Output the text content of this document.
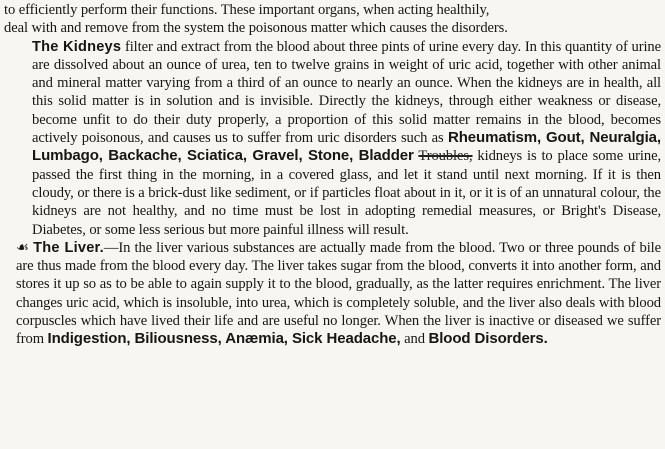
to efficiently perform their functions. These important organs, when acting healthily,
deal with and remove from the system the poisonous matter which causes the disorders.

The Kidneys filter and extract from the blood about three pints of urine every day. In this quantity of urine are dissolved about an ounce of urea, ten to twelve grains in weight of uric acid, together with other animal and mineral matter varying from a third of an ounce to nearly an ounce. When the kidneys are in health, all this solid matter is in solution and is invisible. Directly the kidneys, through either weakness or disease, become unfit to do their duty properly, a proportion of this solid matter remains in the blood, becomes actively poisonous, and causes us to suffer from uric disorders such as Rheumatism, Gout, Neuralgia, Lumbago, Backache, Sciatica, Gravel, Stone, Bladder Troubles, kidneys is to place some urine, passed the first thing in the morning, in a covered glass, and let it stand until next morning. If it is then cloudy, or there is a brick-dust like sediment, or if particles float about in it, or it is of an unnatural colour, the kidneys are not healthy, and no time must be lost in adopting remedial measures, or Bright's Disease, Diabetes, or some less serious but more painful illness will result.

☙ The Liver.—In the liver various substances are actually made from the blood. Two or three pounds of bile are thus made from the blood every day. The liver takes sugar from the blood, converts it into another form, and stores it up so as to be able to again supply it to the blood, gradually, as the latter requires enrichment. The liver changes uric acid, which is insoluble, into urea, which is completely soluble, and the liver also deals with blood corpuscles which have lived their life and are useful no longer. When the liver is inactive or diseased we suffer from Indigestion, Biliousness, Anæmia, Sick Headache, and Blood Disorders.
